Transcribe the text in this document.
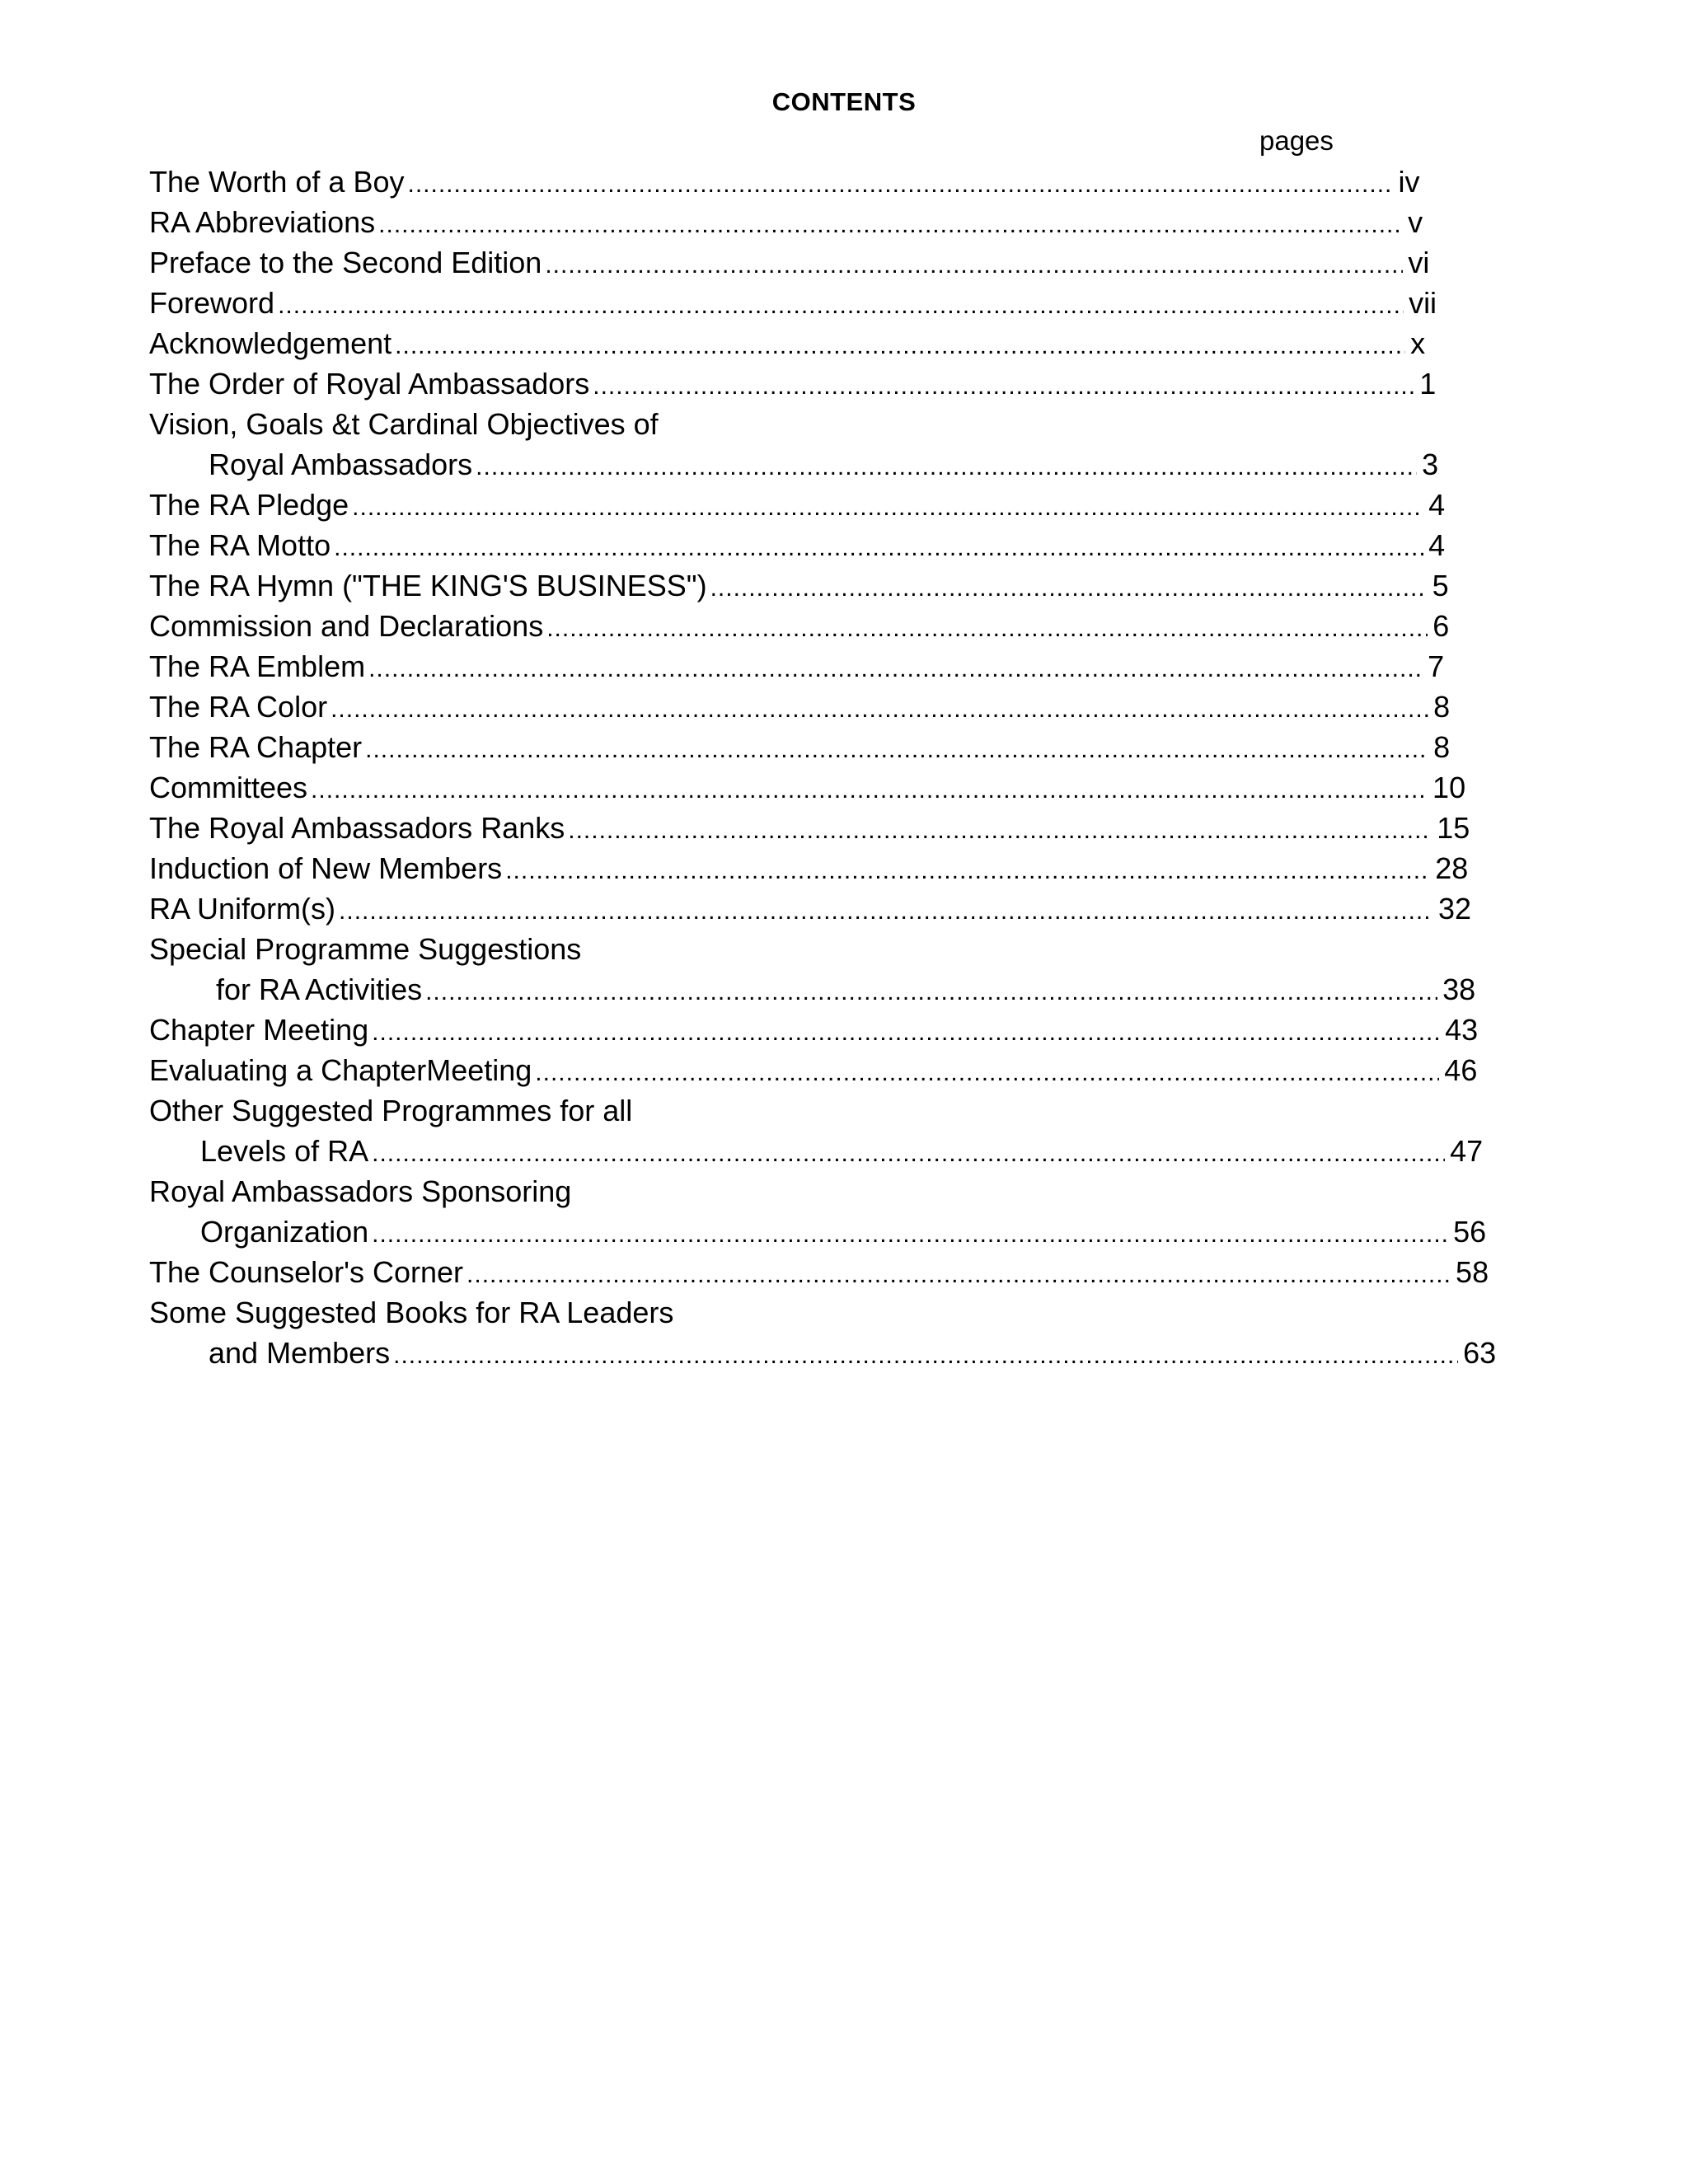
CONTENTS
pages
The Worth of a Boy .....	iv
RA Abbreviations .....	v
Preface to the Second Edition .....	vi
Foreword .....	vii
Acknowledgement .....	x
The Order of Royal Ambassadors .....	1
Vision, Goals &t Cardinal Objectives of
Royal Ambassadors .....	3
The RA Pledge .....	4
The RA Motto .....	4
The RA Hymn ("THE KING'S BUSINESS") .....	5
Commission and Declarations .....	6
The RA Emblem .....	7
The RA Color .....	8
The RA Chapter .....	8
Committees .....	10
The Royal Ambassadors Ranks .....	15
Induction of New Members .....	28
RA Uniform(s) .....	32
Special Programme Suggestions
for RA Activities .....	38
Chapter Meeting .....	43
Evaluating a ChapterMeeting .....	46
Other Suggested Programmes for all
Levels of RA .....	47
Royal Ambassadors Sponsoring
Organization .....	56
The Counselor's Corner .....	58
Some Suggested Books for RA Leaders
and Members .....	63
